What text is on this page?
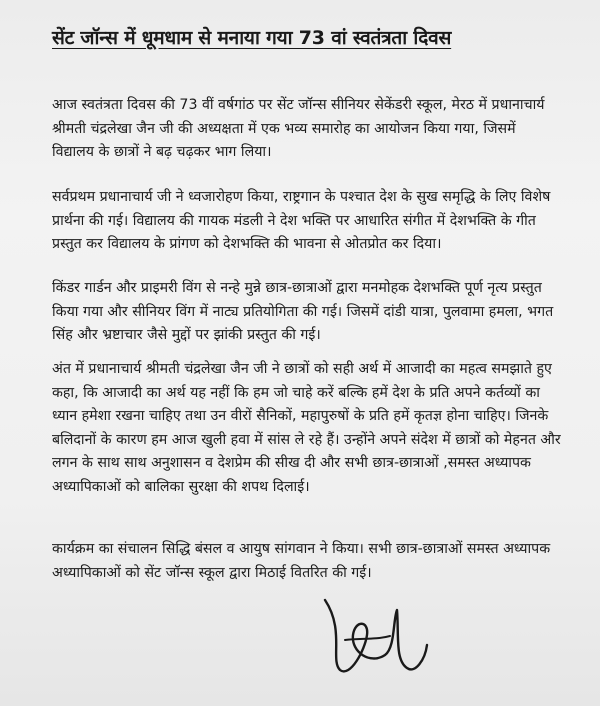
सेंट जॉन्स में धूमधाम से मनाया गया 73 वां स्वतंत्रता दिवस

आज स्वतंत्रता दिवस की 73 वीं वर्षगांठ पर सेंट जॉन्स सीनियर सेकेंडरी स्कूल, मेरठ में प्रधानाचार्य श्रीमती चंद्रलेखा जैन जी की अध्यक्षता में एक भव्य समारोह का आयोजन किया गया, जिसमें विद्यालय के छात्रों ने बढ़ चढ़कर भाग लिया।

सर्वप्रथम प्रधानाचार्य जी ने ध्वजारोहण किया, राष्ट्रगान के पश्चात देश के सुख समृद्धि के लिए विशेष प्रार्थना की गई। विद्यालय की गायक मंडली ने देश भक्ति पर आधारित संगीत में देशभक्ति के गीत प्रस्तुत कर विद्यालय के प्रांगण को देशभक्ति की भावना से ओतप्रोत कर दिया।

किंडर गार्डन और प्राइमरी विंग से नन्हे मुन्ने छात्र-छात्राओं द्वारा मनमोहक देशभक्ति पूर्ण नृत्य प्रस्तुत किया गया और सीनियर विंग में नाट्य प्रतियोगिता की गई। जिसमें दांडी यात्रा, पुलवामा हमला, भगत सिंह और भ्रष्टाचार जैसे मुद्दों पर झांकी प्रस्तुत की गई।

अंत में प्रधानाचार्य श्रीमती चंद्रलेखा जैन जी ने छात्रों को सही अर्थ में आजादी का महत्व समझाते हुए कहा, कि आजादी का अर्थ यह नहीं कि हम जो चाहे करें बल्कि हमें देश के प्रति अपने कर्तव्यों का ध्यान हमेशा रखना चाहिए तथा उन वीरों सैनिकों, महापुरुषों के प्रति हमें कृतज्ञ होना चाहिए। जिनके बलिदानों के कारण हम आज खुली हवा में सांस ले रहे हैं। उन्होंने अपने संदेश में छात्रों को मेहनत और लगन के साथ साथ अनुशासन व देशप्रेम की सीख दी और सभी छात्र-छात्राओं ,समस्त अध्यापक अध्यापिकाओं को बालिका सुरक्षा की शपथ दिलाई।

कार्यक्रम का संचालन सिद्धि बंसल व आयुष सांगवान ने किया। सभी छात्र-छात्राओं समस्त अध्यापक अध्यापिकाओं को सेंट जॉन्स स्कूल द्वारा मिठाई वितरित की गई।
